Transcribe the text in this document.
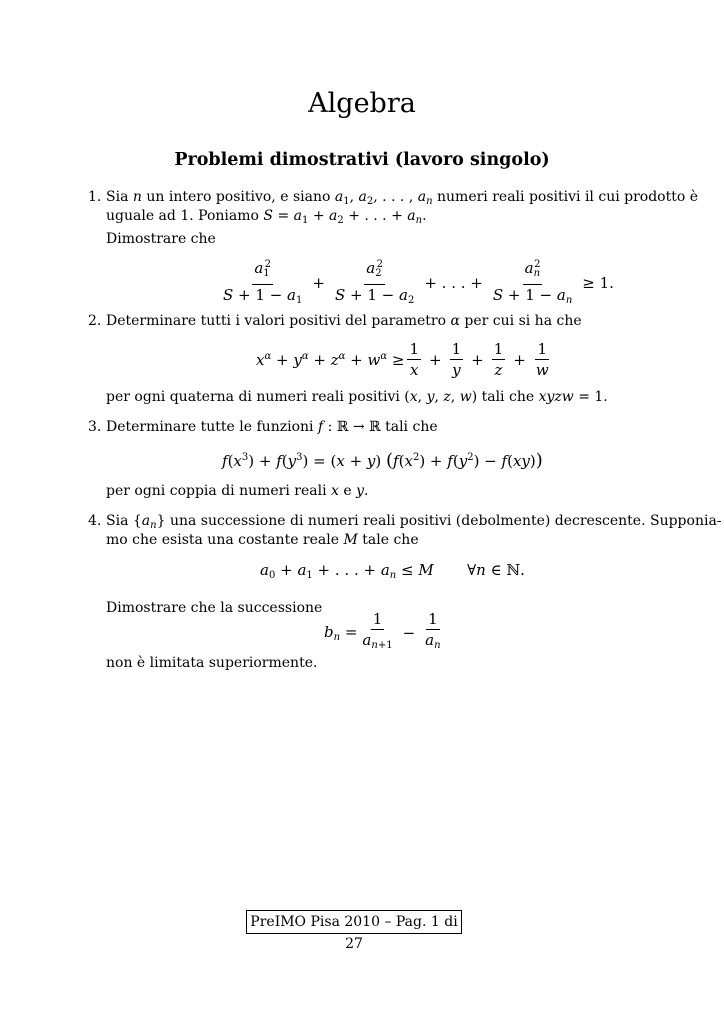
Algebra
Problemi dimostrativi (lavoro singolo)
1. Sia n un intero positivo, e siano $a_1$, $a_2$, . . . , $a_n$ numeri reali positivi il cui prodotto è
uguale ad 1. Poniamo $S = a_1 + a_2$ + . . . + $a_n$.
Dimostrare che
$\frac{a_1^2}{S + 1 - a_1} + \frac{a_2^2}{S + 1 - a_2}$ + . . . + $\frac{a_n^2}{S + 1 - a_n} \ge 1$.
2. Determinare tutti i valori positivi del parametro α per cui si ha che
$x^\alpha + y^\alpha + z^\alpha + w^\alpha \ge \frac{1}{x} + \frac{1}{y} + \frac{1}{z} + \frac{1}{w}$
per ogni quaterna di numeri reali positivi (x, y, z, w) tali che xyzw = 1.
3. Determinare tutte le funzioni f : ℝ → ℝ tali che
$f(x^3) + f(y^3) = (x + y) (f(x^2) + f(y^2) - f(xy))$
per ogni coppia di numeri reali x e y.
4. Sia $\{a_n\}$ una successione di numeri reali positivi (debolmente) decrescente. Supponia-
mo che esista una costante reale M tale che
$a_0 + a_1$ + . . . + $a_n \le M$       ∀n ∈ ℕ.
Dimostrare che la successione
$b_n = \frac{1}{a_{n+1}} - \frac{1}{a_n}$
non è limitata superiormente.
PreIMO Pisa 2010 – Pag. 1 di 27
